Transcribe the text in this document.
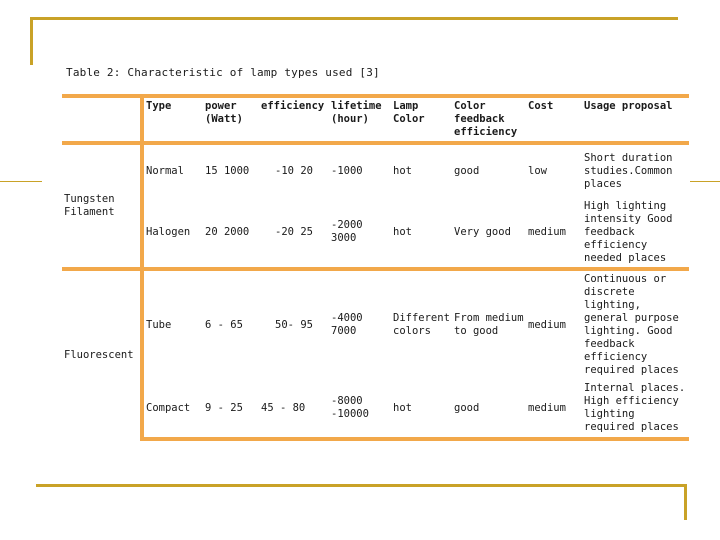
Table 2: Characteristic of lamp types used [3]
	Type	power (Watt)	efficiency	lifetime (hour)	Lamp Color	Color feedback efficiency	Cost	Usage proposal
Tungsten Filament	Normal	15 1000	-10 20	-1000	hot	good	low	Short duration studies.Common places
	Halogen	20 2000	-20 25	-2000 3000	hot	Very good	medium	High lighting intensity Good feedback efficiency needed places
Fluorescent	Tube	6 - 65	50- 95	-4000 7000	Different colors	From medium to good	medium	Continuous or discrete lighting, general purpose lighting. Good feedback efficiency required places
	Compact	9 - 25	45 - 80	-8000 -10000	hot	good	medium	Internal places. High efficiency lighting required places
